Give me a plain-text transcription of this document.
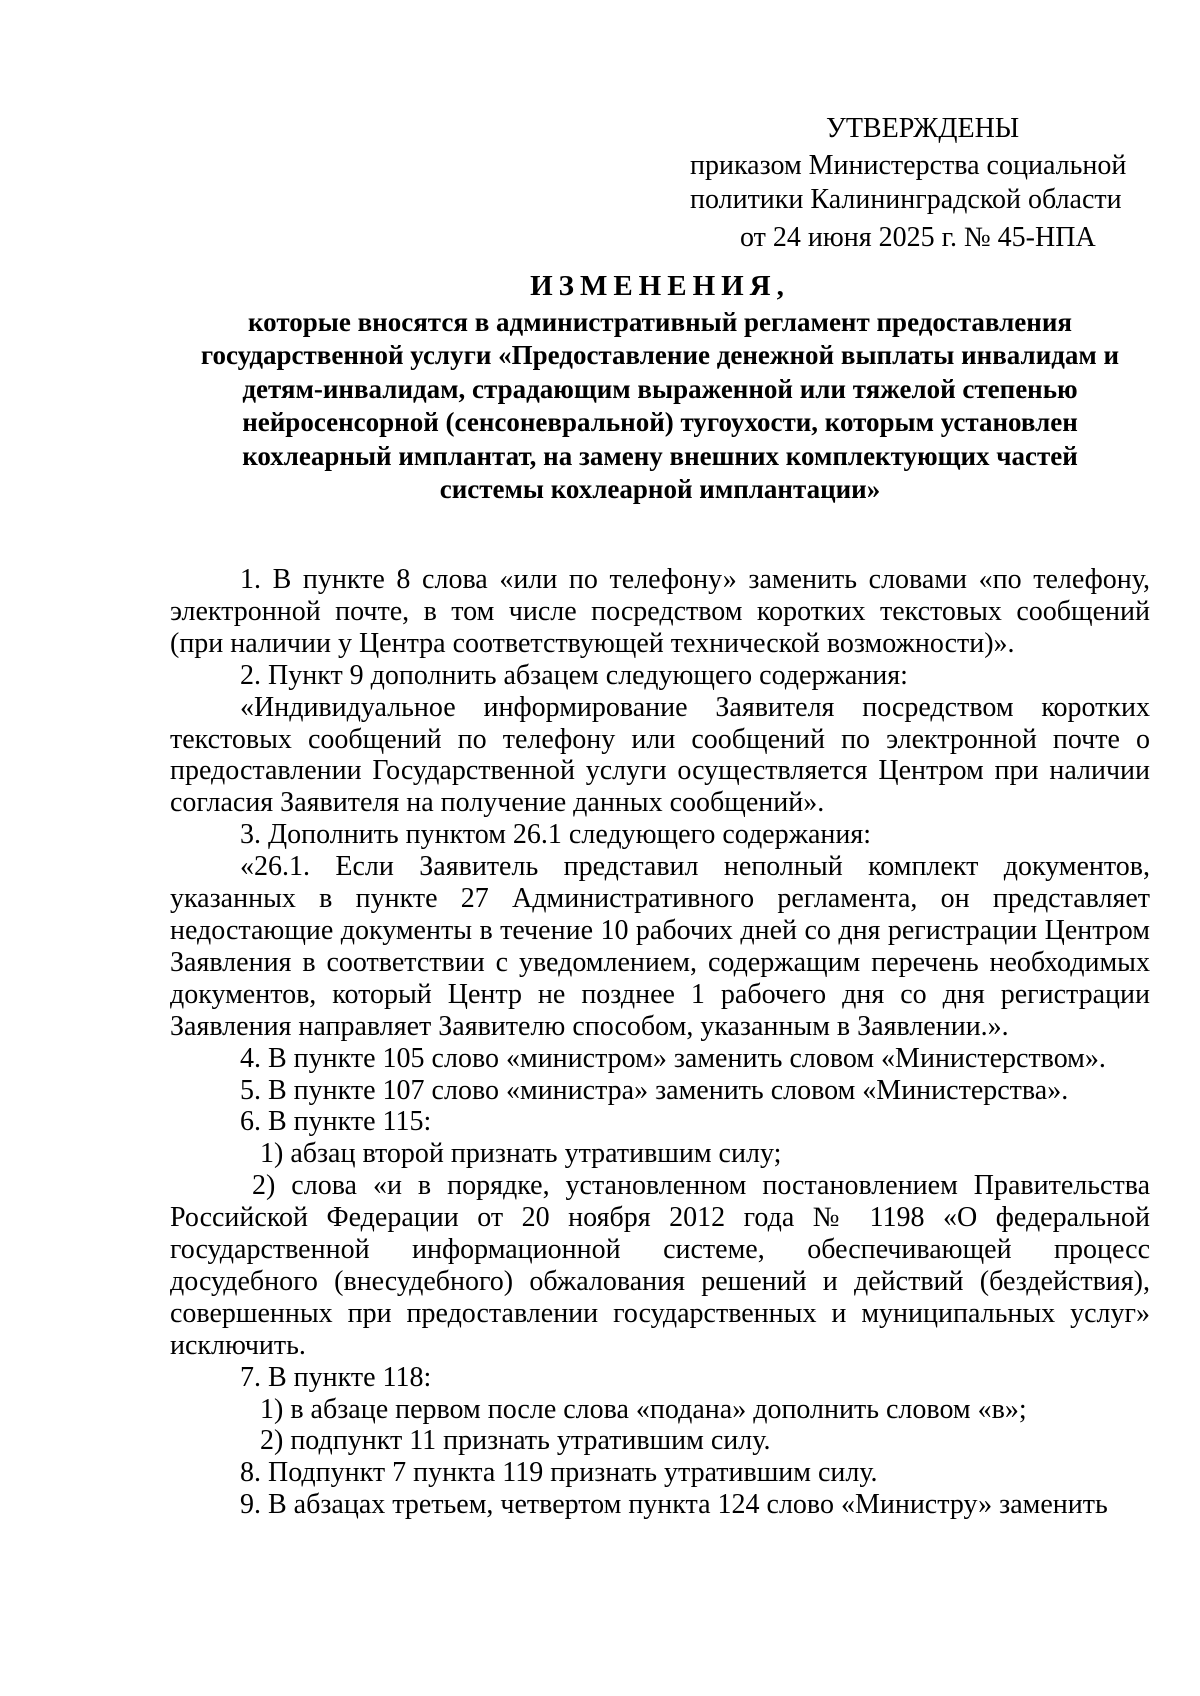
УТВЕРЖДЕНЫ
приказом Министерства социальной
политики Калининградской области
от 24 июня 2025 г. № 45-НПА
ИЗМЕНЕНИЯ,
которые вносятся в административный регламент предоставления
государственной услуги «Предоставление денежной выплаты инвалидам и
детям-инвалидам, страдающим выраженной или тяжелой степенью
нейросенсорной (сенсоневральной) тугоухости, которым установлен
кохлеарный имплантат, на замену внешних комплектующих частей
системы кохлеарной имплантации»

1. В пункте 8 слова «или по телефону» заменить словами «по телефону, электронной почте, в том числе посредством коротких текстовых сообщений (при наличии у Центра соответствующей технической возможности)».

2. Пункт 9 дополнить абзацем следующего содержания:

«Индивидуальное информирование Заявителя посредством коротких текстовых сообщений по телефону или сообщений по электронной почте о предоставлении Государственной услуги осуществляется Центром при наличии согласия Заявителя на получение данных сообщений».

3. Дополнить пунктом 26.1 следующего содержания:

«26.1. Если Заявитель представил неполный комплект документов, указанных в пункте 27 Административного регламента, он представляет недостающие документы в течение 10 рабочих дней со дня регистрации Центром Заявления в соответствии с уведомлением, содержащим перечень необходимых документов, который Центр не позднее 1 рабочего дня со дня регистрации Заявления направляет Заявителю способом, указанным в Заявлении.».

4. В пункте 105 слово «министром» заменить словом «Министерством».

5. В пункте 107 слово «министра» заменить словом «Министерства».

6. В пункте 115:

1) абзац второй признать утратившим силу;

2) слова «и в порядке, установленном постановлением Правительства Российской Федерации от 20 ноября 2012 года № 1198 «О федеральной государственной информационной системе, обеспечивающей процесс досудебного (внесудебного) обжалования решений и действий (бездействия), совершенных при предоставлении государственных и муниципальных услуг» исключить.

7. В пункте 118:

1) в абзаце первом после слова «подана» дополнить словом «в»;

2) подпункт 11 признать утратившим силу.

8. Подпункт 7 пункта 119 признать утратившим силу.

9. В абзацах третьем, четвертом пункта 124 слово «Министру» заменить
